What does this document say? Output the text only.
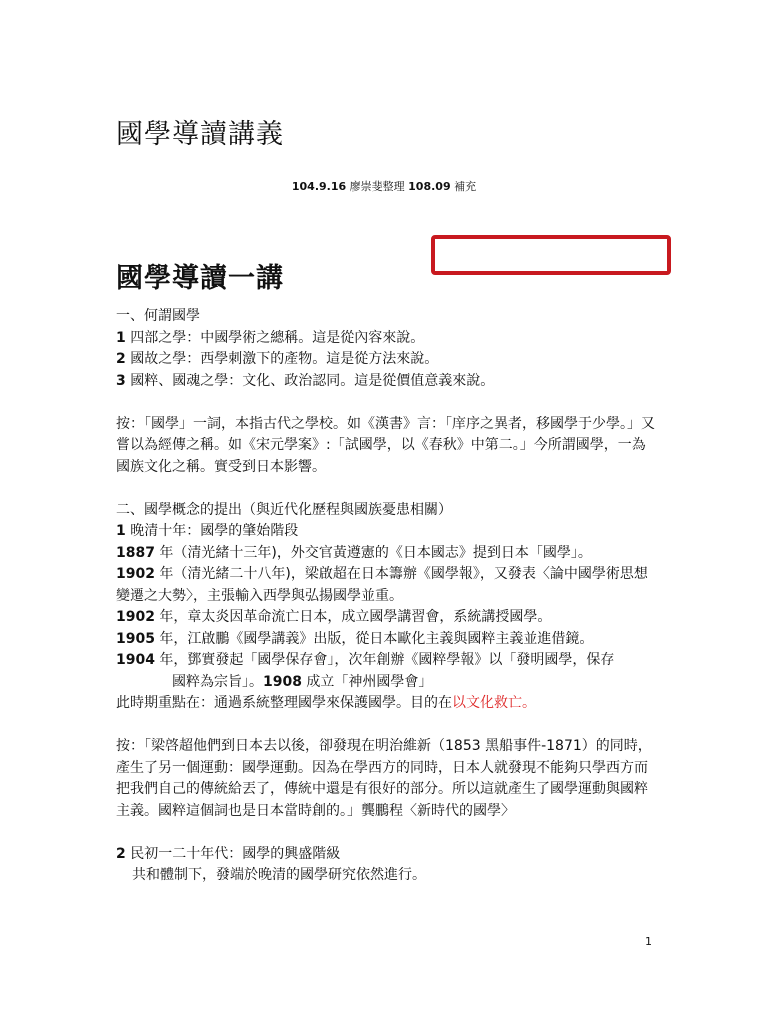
國學導讀講義
104.9.16 廖崇斐整理 108.09 補充
國學導讀一講
一、何謂國學
1 四部之學：中國學術之總稱。這是從內容來說。
2 國故之學：西學刺激下的產物。這是從方法來說。
3 國粹、國魂之學：文化、政治認同。這是從價值意義來說。
按：「國學」一詞，本指古代之學校。如《漢書》言：「庠序之異者，移國學于少學。」又嘗以為經傳之稱。如《宋元學案》:「試國學，以《春秋》中第二。」今所謂國學，一為國族文化之稱。實受到日本影響。
二、國學概念的提出（與近代化歷程與國族憂患相關）
1 晚清十年：國學的肇始階段
1887 年（清光緒十三年)，外交官黃遵憲的《日本國志》提到日本「國學」。
1902 年（清光緒二十八年)，梁啟超在日本籌辦《國學報》，又發表〈論中國學術思想變遷之大勢〉，主張輸入西學與弘揚國學並重。
1902 年，章太炎因革命流亡日本，成立國學講習會，系統講授國學。
1905 年，江啟鵬《國學講義》出版，從日本歐化主義與國粹主義並進借鏡。
1904 年，鄧實發起「國學保存會」，次年創辦《國粹學報》以「發明國學，保存
國粹為宗旨」。1908 成立「神州國學會」
此時期重點在：通過系統整理國學來保護國學。目的在以文化救亡。
按：「梁啓超他們到日本去以後，卻發現在明治維新（1853 黑船事件-1871）的同時，產生了另一個運動：國學運動。因為在學西方的同時，日本人就發現不能夠只學西方而把我們自己的傳統給丟了，傳統中還是有很好的部分。所以這就產生了國學運動與國粹主義。國粹這個詞也是日本當時創的。」龔鵬程〈新時代的國學〉
2 民初一二十年代：國學的興盛階級
共和體制下，發端於晚清的國學研究依然進行。
1
